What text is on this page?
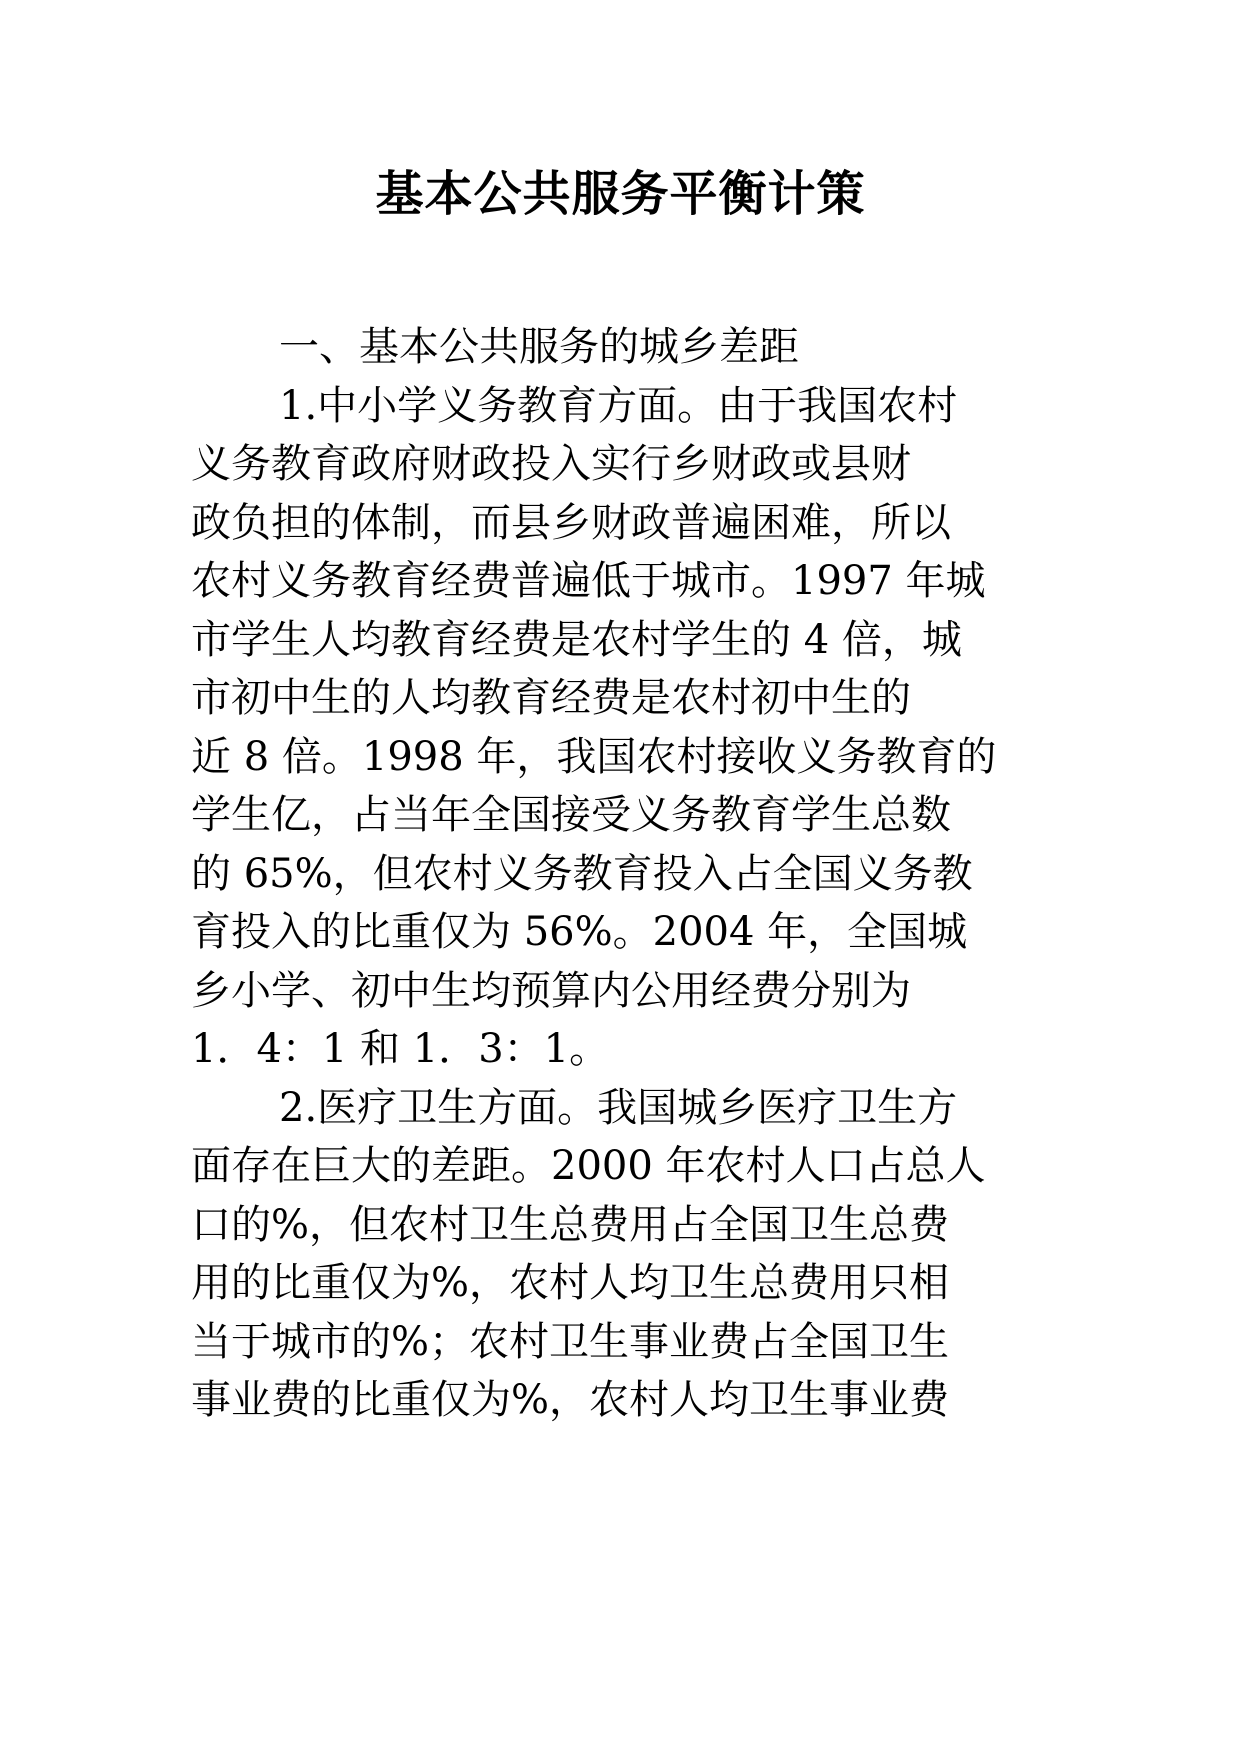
基本公共服务平衡计策

一、基本公共服务的城乡差距

1.中小学义务教育方面。由于我国农村

义务教育政府财政投入实行乡财政或县财

政负担的体制，而县乡财政普遍困难，所以

农村义务教育经费普遍低于城市。1997 年城

市学生人均教育经费是农村学生的 4 倍，城

市初中生的人均教育经费是农村初中生的

近 8 倍。1998 年，我国农村接收义务教育的

学生亿，占当年全国接受义务教育学生总数

的 65%，但农村义务教育投入占全国义务教

育投入的比重仅为 56%。2004 年，全国城

乡小学、初中生均预算内公用经费分别为

1．4：1 和 1．3：1。

2.医疗卫生方面。我国城乡医疗卫生方

面存在巨大的差距。2000 年农村人口占总人

口的%，但农村卫生总费用占全国卫生总费

用的比重仅为%，农村人均卫生总费用只相

当于城市的%；农村卫生事业费占全国卫生

事业费的比重仅为%，农村人均卫生事业费
